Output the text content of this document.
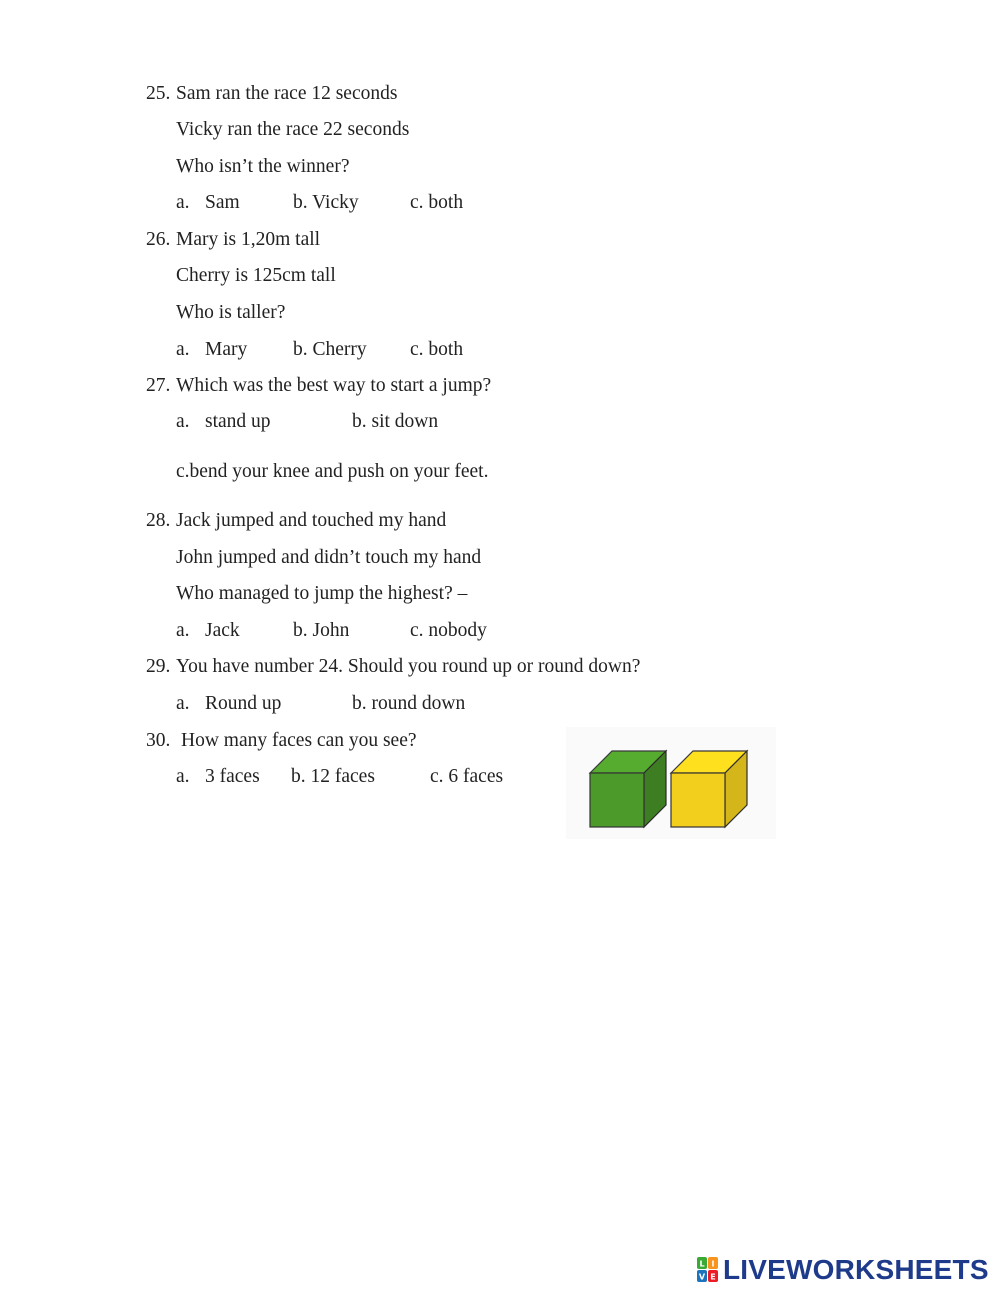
25. Sam ran the race 12 seconds
Vicky ran the race 22 seconds
Who isn’t the winner?
a. Sam	b. Vicky	c. both
26. Mary is 1,20m tall
Cherry is 125cm tall
Who is taller?
a. Mary b. Cherry c. both
27. Which was the best way to start a jump?
a. stand up	b. sit down
c.bend your knee and push on your feet.
28. Jack jumped and touched my hand
John jumped and didn’t touch my hand
Who managed to jump the highest? –
a. Jack	b. John	c. nobody
29. You have number 24. Should you round up or round down?
a. Round up	b. round down
30. How many faces can you see?
a. 3 faces b. 12 faces	c. 6 faces
L I
V E LIVEWORKSHEETS
